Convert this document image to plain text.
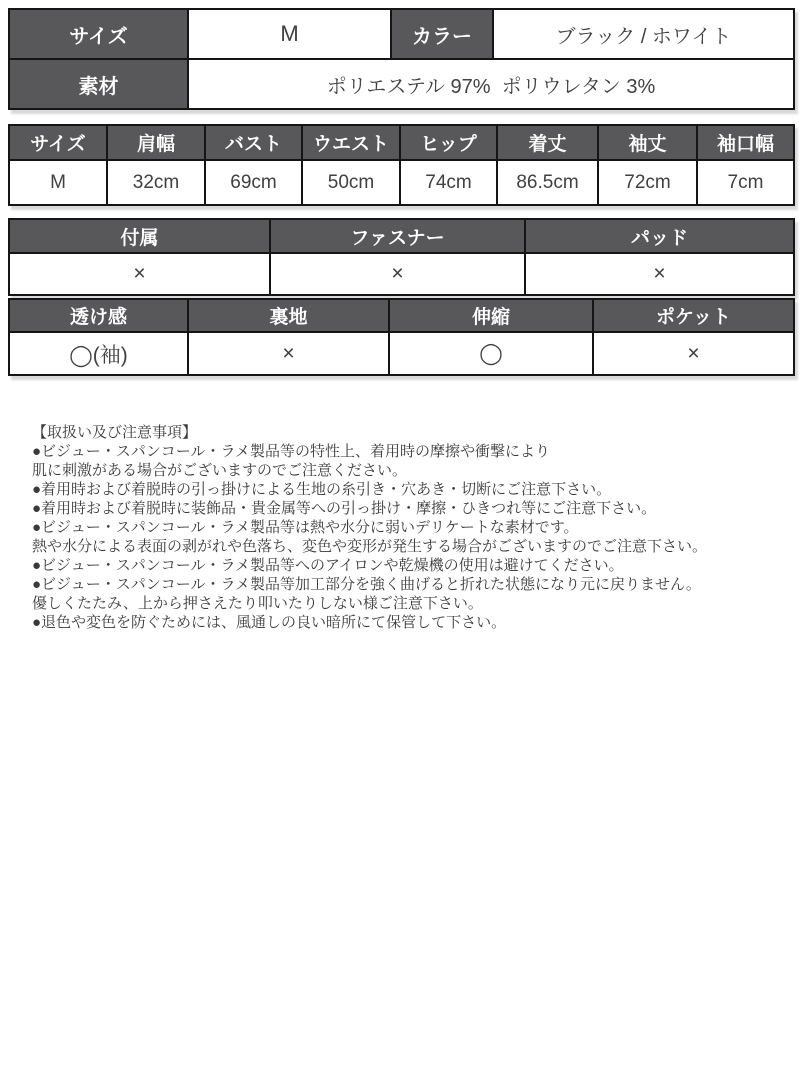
サイズ	M	カラー	ブラック / ホワイト
素材	ポリエステル 97%  ポリウレタン 3%		
サイズ	肩幅	バスト	ウエスト	ヒップ	着丈	袖丈	袖口幅
M	32cm	69cm	50cm	74cm	86.5cm	72cm	7cm
付属	ファスナー	パッド
×	×	×
透け感	裏地	伸縮	ポケット
◯(袖)	×	◯	×
【取扱い及び注意事項】
●ビジュー・スパンコール・ラメ製品等の特性上、着用時の摩擦や衝撃により
肌に刺激がある場合がございますのでご注意ください。
●着用時および着脱時の引っ掛けによる生地の糸引き・穴あき・切断にご注意下さい。
●着用時および着脱時に装飾品・貴金属等への引っ掛け・摩擦・ひきつれ等にご注意下さい。
●ビジュー・スパンコール・ラメ製品等は熱や水分に弱いデリケートな素材です。
熱や水分による表面の剥がれや色落ち、変色や変形が発生する場合がございますのでご注意下さい。
●ビジュー・スパンコール・ラメ製品等へのアイロンや乾燥機の使用は避けてください。
●ビジュー・スパンコール・ラメ製品等加工部分を強く曲げると折れた状態になり元に戻りません。
優しくたたみ、上から押さえたり叩いたりしない様ご注意下さい。
●退色や変色を防ぐためには、風通しの良い暗所にて保管して下さい。
